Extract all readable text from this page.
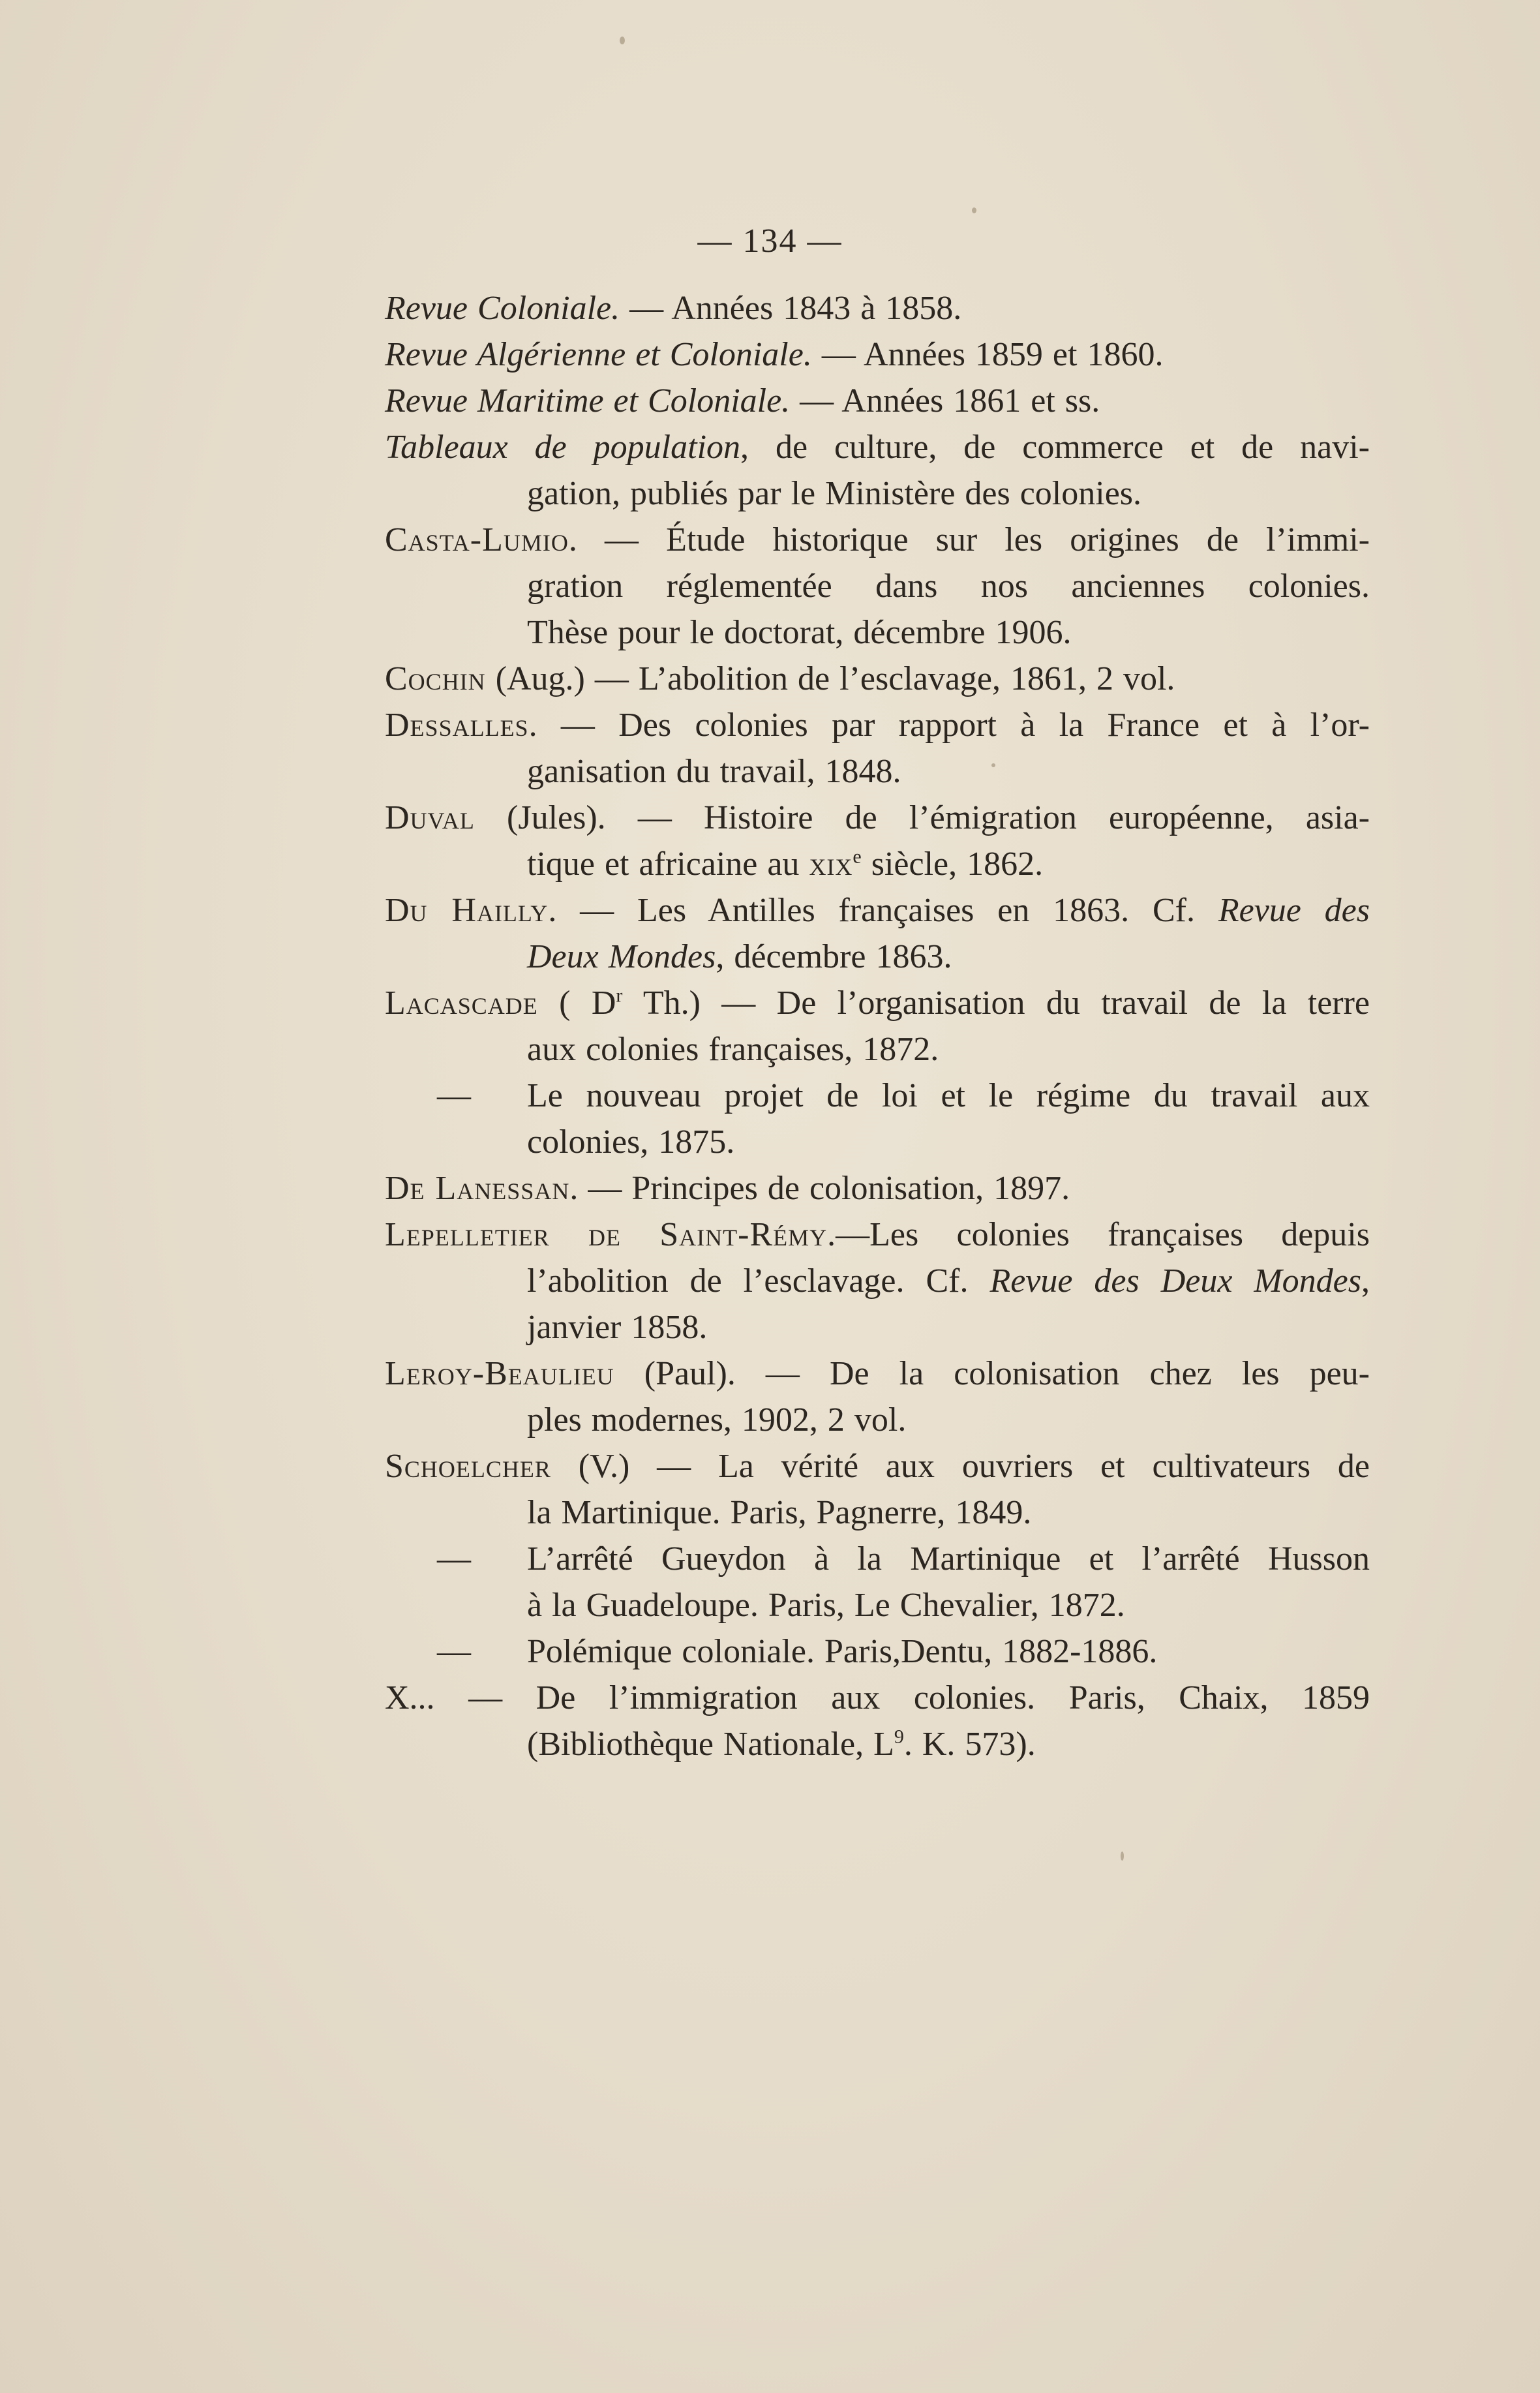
— 134 —
Revue Coloniale. — Années 1843 à 1858.
Revue Algérienne et Coloniale. — Années 1859 et 1860.
Revue Maritime et Coloniale. — Années 1861 et ss.
Tableaux de population, de culture, de commerce et de navi-
gation, publiés par le Ministère des colonies.
Casta-Lumio. — Étude historique sur les origines de l’immi-
gration réglementée dans nos anciennes colonies.
Thèse pour le doctorat, décembre 1906.
Cochin (Aug.) — L’abolition de l’esclavage, 1861, 2 vol.
Dessalles. — Des colonies par rapport à la France et à l’or-
ganisation du travail, 1848.
Duval (Jules). — Histoire de l’émigration européenne, asia-
tique et africaine au xix$^e$ siècle, 1862.
Du Hailly. — Les Antilles françaises en 1863. Cf. Revue des
Deux Mondes, décembre 1863.
Lacascade ( $D^r$ Th.) — De l’organisation du travail de la terre
aux colonies françaises, 1872.
— Le nouveau projet de loi et le régime du travail aux
colonies, 1875.
De Lanessan. — Principes de colonisation, 1897.
Lepelletier de Saint-Rémy.—Les colonies françaises depuis
l’abolition de l’esclavage. Cf. Revue des Deux Mondes,
janvier 1858.
Leroy-Beaulieu (Paul). — De la colonisation chez les peu-
ples modernes, 1902, 2 vol.
Schoelcher (V.) — La vérité aux ouvriers et cultivateurs de
la Martinique. Paris, Pagnerre, 1849.
— L’arrêté Gueydon à la Martinique et l’arrêté Husson
à la Guadeloupe. Paris, Le Chevalier, 1872.
— Polémique coloniale. Paris,Dentu, 1882-1886.
X... — De l’immigration aux colonies. Paris, Chaix, 1859
(Bibliothèque Nationale, $L^9$. K. 573).
